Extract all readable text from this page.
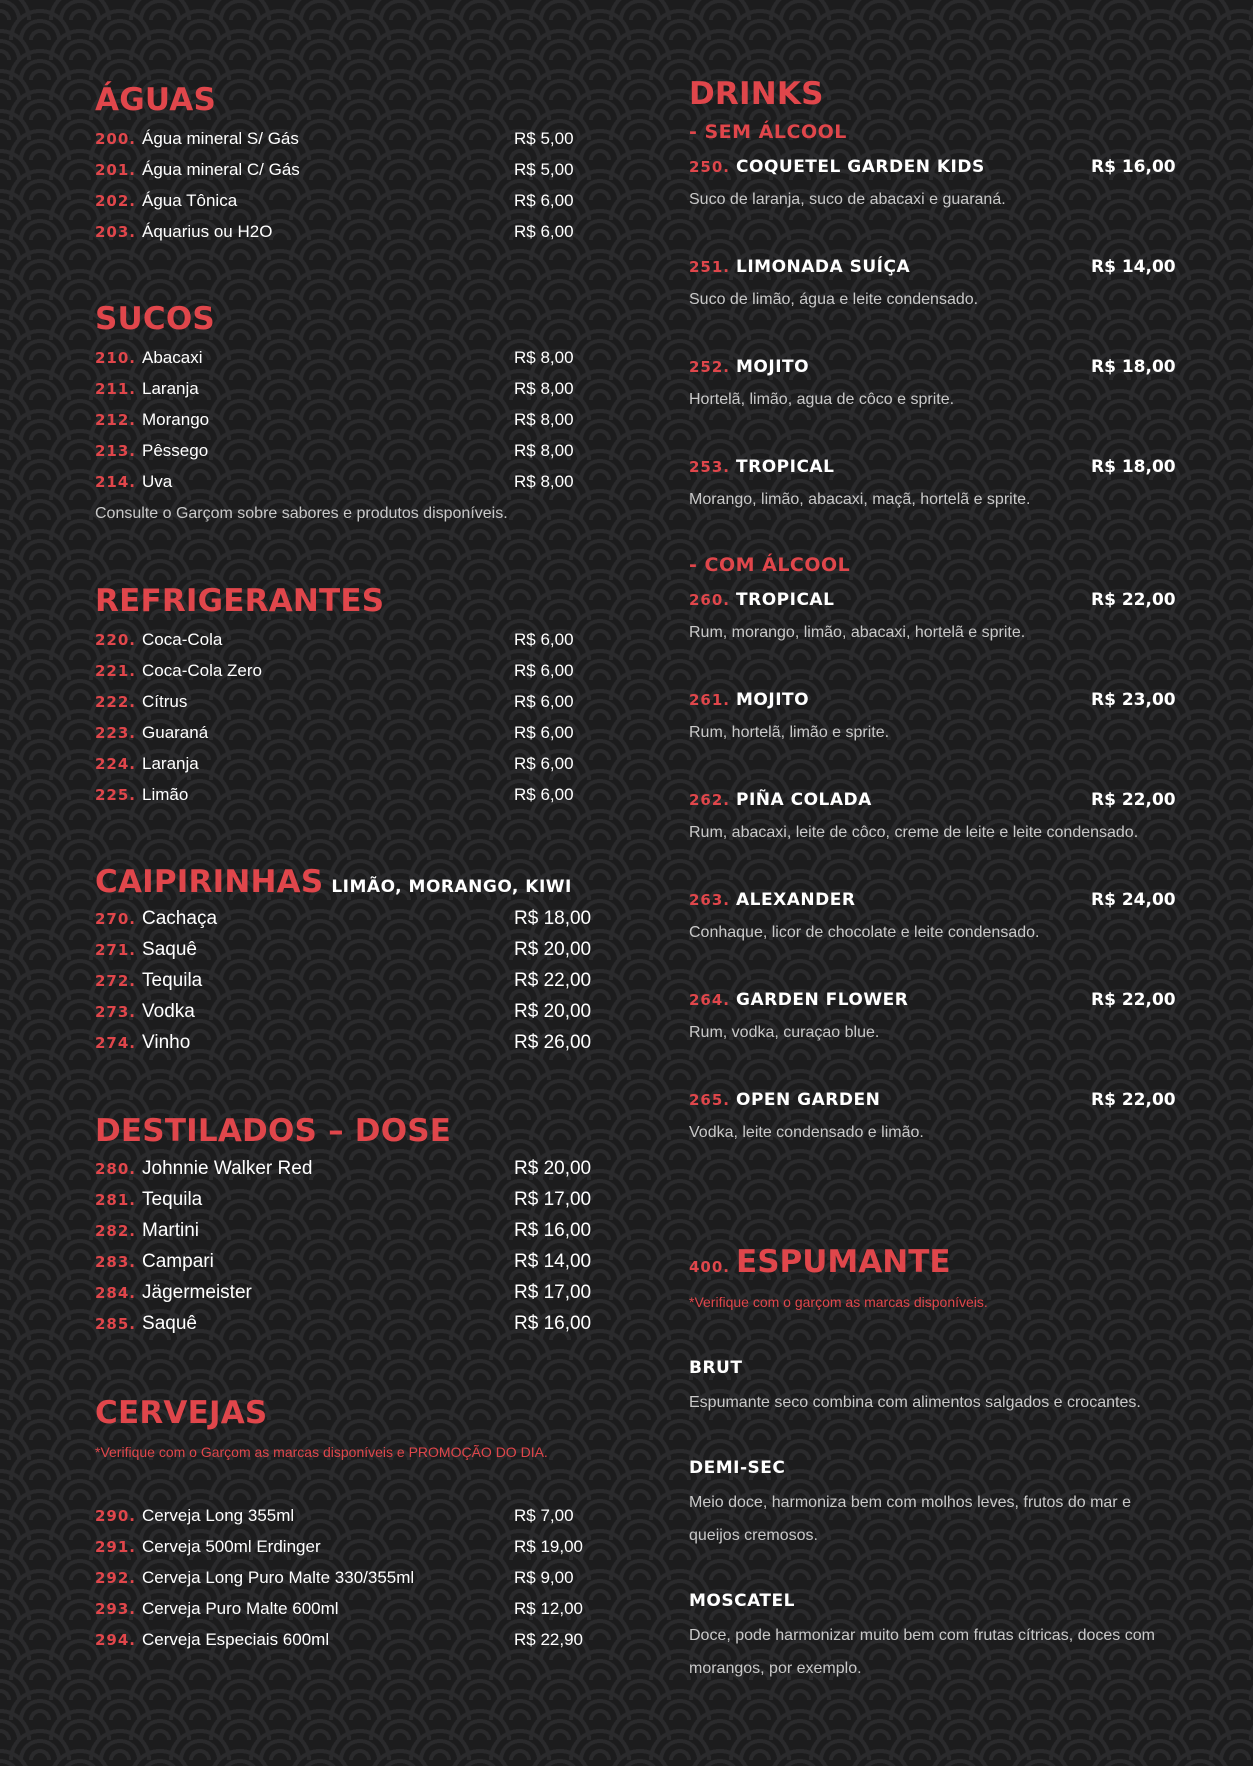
ÁGUAS
200. Água mineral S/ Gás	R$ 5,00
201. Água mineral C/ Gás	R$ 5,00
202. Água Tônica	R$ 6,00
203. Áquarius ou H2O	R$ 6,00
SUCOS
210. Abacaxi	R$ 8,00
211. Laranja	R$ 8,00
212. Morango	R$ 8,00
213. Pêssego	R$ 8,00
214. Uva	R$ 8,00
Consulte o Garçom sobre sabores e produtos disponíveis.
REFRIGERANTES
220. Coca-Cola	R$ 6,00
221. Coca-Cola Zero	R$ 6,00
222. Cítrus	R$ 6,00
223. Guaraná	R$ 6,00
224. Laranja	R$ 6,00
225. Limão	R$ 6,00
CAIPIRINHAS LIMÃO, MORANGO, KIWI
270. Cachaça	R$ 18,00
271. Saquê	R$ 20,00
272. Tequila	R$ 22,00
273. Vodka	R$ 20,00
274. Vinho	R$ 26,00
DESTILADOS – DOSE
280. Johnnie Walker Red	R$ 20,00
281. Tequila	R$ 17,00
282. Martini	R$ 16,00
283. Campari	R$ 14,00
284. Jägermeister	R$ 17,00
285. Saquê	R$ 16,00
CERVEJAS
*Verifique com o Garçom as marcas disponíveis e PROMOÇÃO DO DIA.
290. Cerveja Long 355ml	R$ 7,00
291. Cerveja 500ml Erdinger	R$ 19,00
292. Cerveja Long Puro Malte 330/355ml	R$ 9,00
293. Cerveja Puro Malte 600ml	R$ 12,00
294. Cerveja Especiais 600ml	R$ 22,90
DRINKS
- SEM ÁLCOOL
250. COQUETEL GARDEN KIDS	R$ 16,00
Suco de laranja, suco de abacaxi e guaraná.
251. LIMONADA SUÍÇA	R$ 14,00
Suco de limão, água e leite condensado.
252. MOJITO	R$ 18,00
Hortelã, limão, agua de côco e sprite.
253. TROPICAL	R$ 18,00
Morango, limão, abacaxi, maçã, hortelã e sprite.
- COM ÁLCOOL
260. TROPICAL	R$ 22,00
Rum, morango, limão, abacaxi, hortelã e sprite.
261. MOJITO	R$ 23,00
Rum, hortelã, limão e sprite.
262. PIÑA COLADA	R$ 22,00
Rum, abacaxi, leite de côco, creme de leite e leite condensado.
263. ALEXANDER	R$ 24,00
Conhaque, licor de chocolate e leite condensado.
264. GARDEN FLOWER	R$ 22,00
Rum, vodka, curaçao blue.
265. OPEN GARDEN	R$ 22,00
Vodka, leite condensado e limão.
400. ESPUMANTE
*Verifique com o garçom as marcas disponíveis.
BRUT
Espumante seco combina com alimentos salgados e crocantes.
DEMI-SEC
Meio doce, harmoniza bem com molhos leves, frutos do mar e queijos cremosos.
MOSCATEL
Doce, pode harmonizar muito bem com frutas cítricas, doces com morangos, por exemplo.
